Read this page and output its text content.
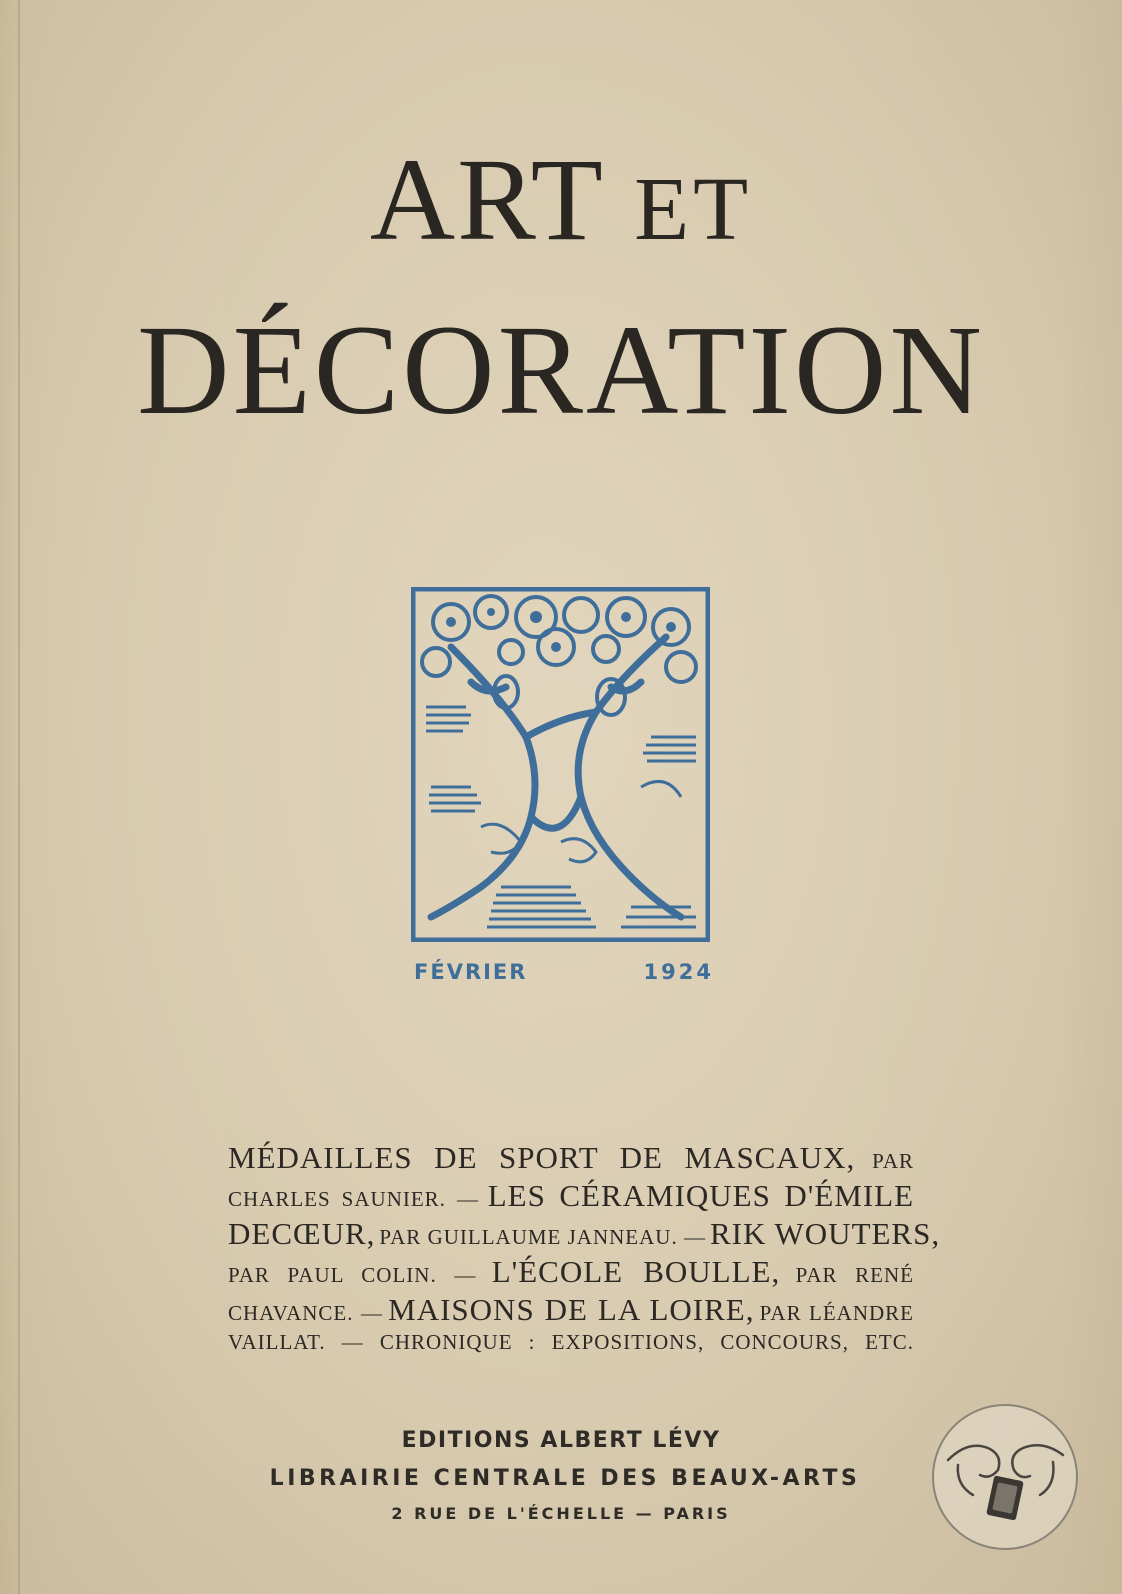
ART ET
DÉCORATION
FÉVRIER	1924
MÉDAILLES DE SPORT DE MASCAUX, PAR
CHARLES SAUNIER. — LES CÉRAMIQUES D'ÉMILE
DECŒUR, PAR GUILLAUME JANNEAU. — RIK WOUTERS,
PAR PAUL COLIN. — L'ÉCOLE BOULLE, PAR RENÉ
CHAVANCE. — MAISONS DE LA LOIRE, PAR LÉANDRE
VAILLAT. — CHRONIQUE : EXPOSITIONS, CONCOURS, ETC.
EDITIONS ALBERT LÉVY
LIBRAIRIE CENTRALE DES BEAUX-ARTS
2 RUE DE L'ÉCHELLE — PARIS
